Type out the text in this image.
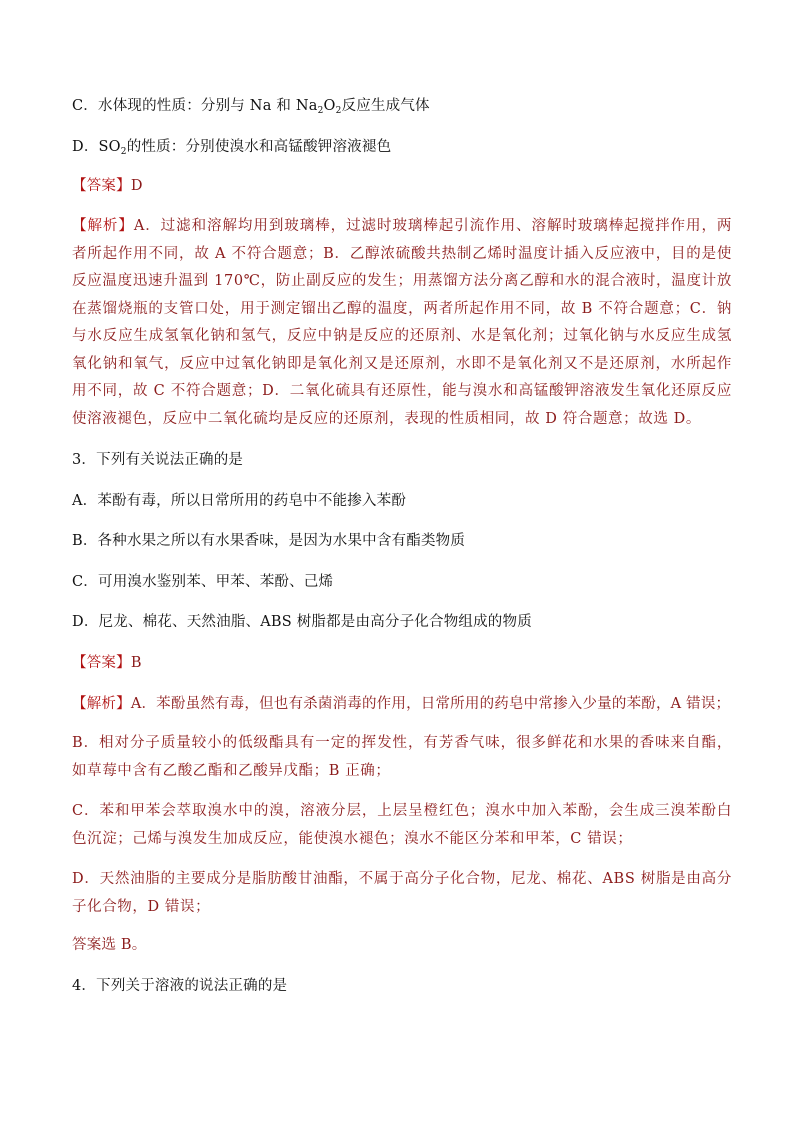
C．水体现的性质：分别与 Na 和 $Na_2O_2$反应生成气体
D．$SO_2$的性质：分别使溴水和高锰酸钾溶液褪色
【答案】D
【解析】A．过滤和溶解均用到玻璃棒，过滤时玻璃棒起引流作用、溶解时玻璃棒起搅拌作用，两者所起作用不同，故 A 不符合题意；B．乙醇浓硫酸共热制乙烯时温度计插入反应液中，目的是使反应温度迅速升温到 170℃，防止副反应的发生；用蒸馏方法分离乙醇和水的混合液时，温度计放在蒸馏烧瓶的支管口处，用于测定镏出乙醇的温度，两者所起作用不同，故 B 不符合题意；C．钠与水反应生成氢氧化钠和氢气，反应中钠是反应的还原剂、水是氧化剂；过氧化钠与水反应生成氢氧化钠和氧气，反应中过氧化钠即是氧化剂又是还原剂，水即不是氧化剂又不是还原剂，水所起作用不同，故 C 不符合题意；D．二氧化硫具有还原性，能与溴水和高锰酸钾溶液发生氧化还原反应使溶液褪色，反应中二氧化硫均是反应的还原剂，表现的性质相同，故 D 符合题意；故选 D。
3．下列有关说法正确的是
A．苯酚有毒，所以日常所用的药皂中不能掺入苯酚
B．各种水果之所以有水果香味，是因为水果中含有酯类物质
C．可用溴水鉴别苯、甲苯、苯酚、己烯
D．尼龙、棉花、天然油脂、ABS 树脂都是由高分子化合物组成的物质
【答案】B
【解析】A．苯酚虽然有毒，但也有杀菌消毒的作用，日常所用的药皂中常掺入少量的苯酚，A 错误；
B．相对分子质量较小的低级酯具有一定的挥发性，有芳香气味，很多鲜花和水果的香味来自酯，如草莓中含有乙酸乙酯和乙酸异戊酯；B 正确；
C．苯和甲苯会萃取溴水中的溴，溶液分层，上层呈橙红色；溴水中加入苯酚，会生成三溴苯酚白色沉淀；己烯与溴发生加成反应，能使溴水褪色；溴水不能区分苯和甲苯，C 错误；
D．天然油脂的主要成分是脂肪酸甘油酯，不属于高分子化合物，尼龙、棉花、ABS 树脂是由高分子化合物，D 错误；
答案选 B。
4．下列关于溶液的说法正确的是
